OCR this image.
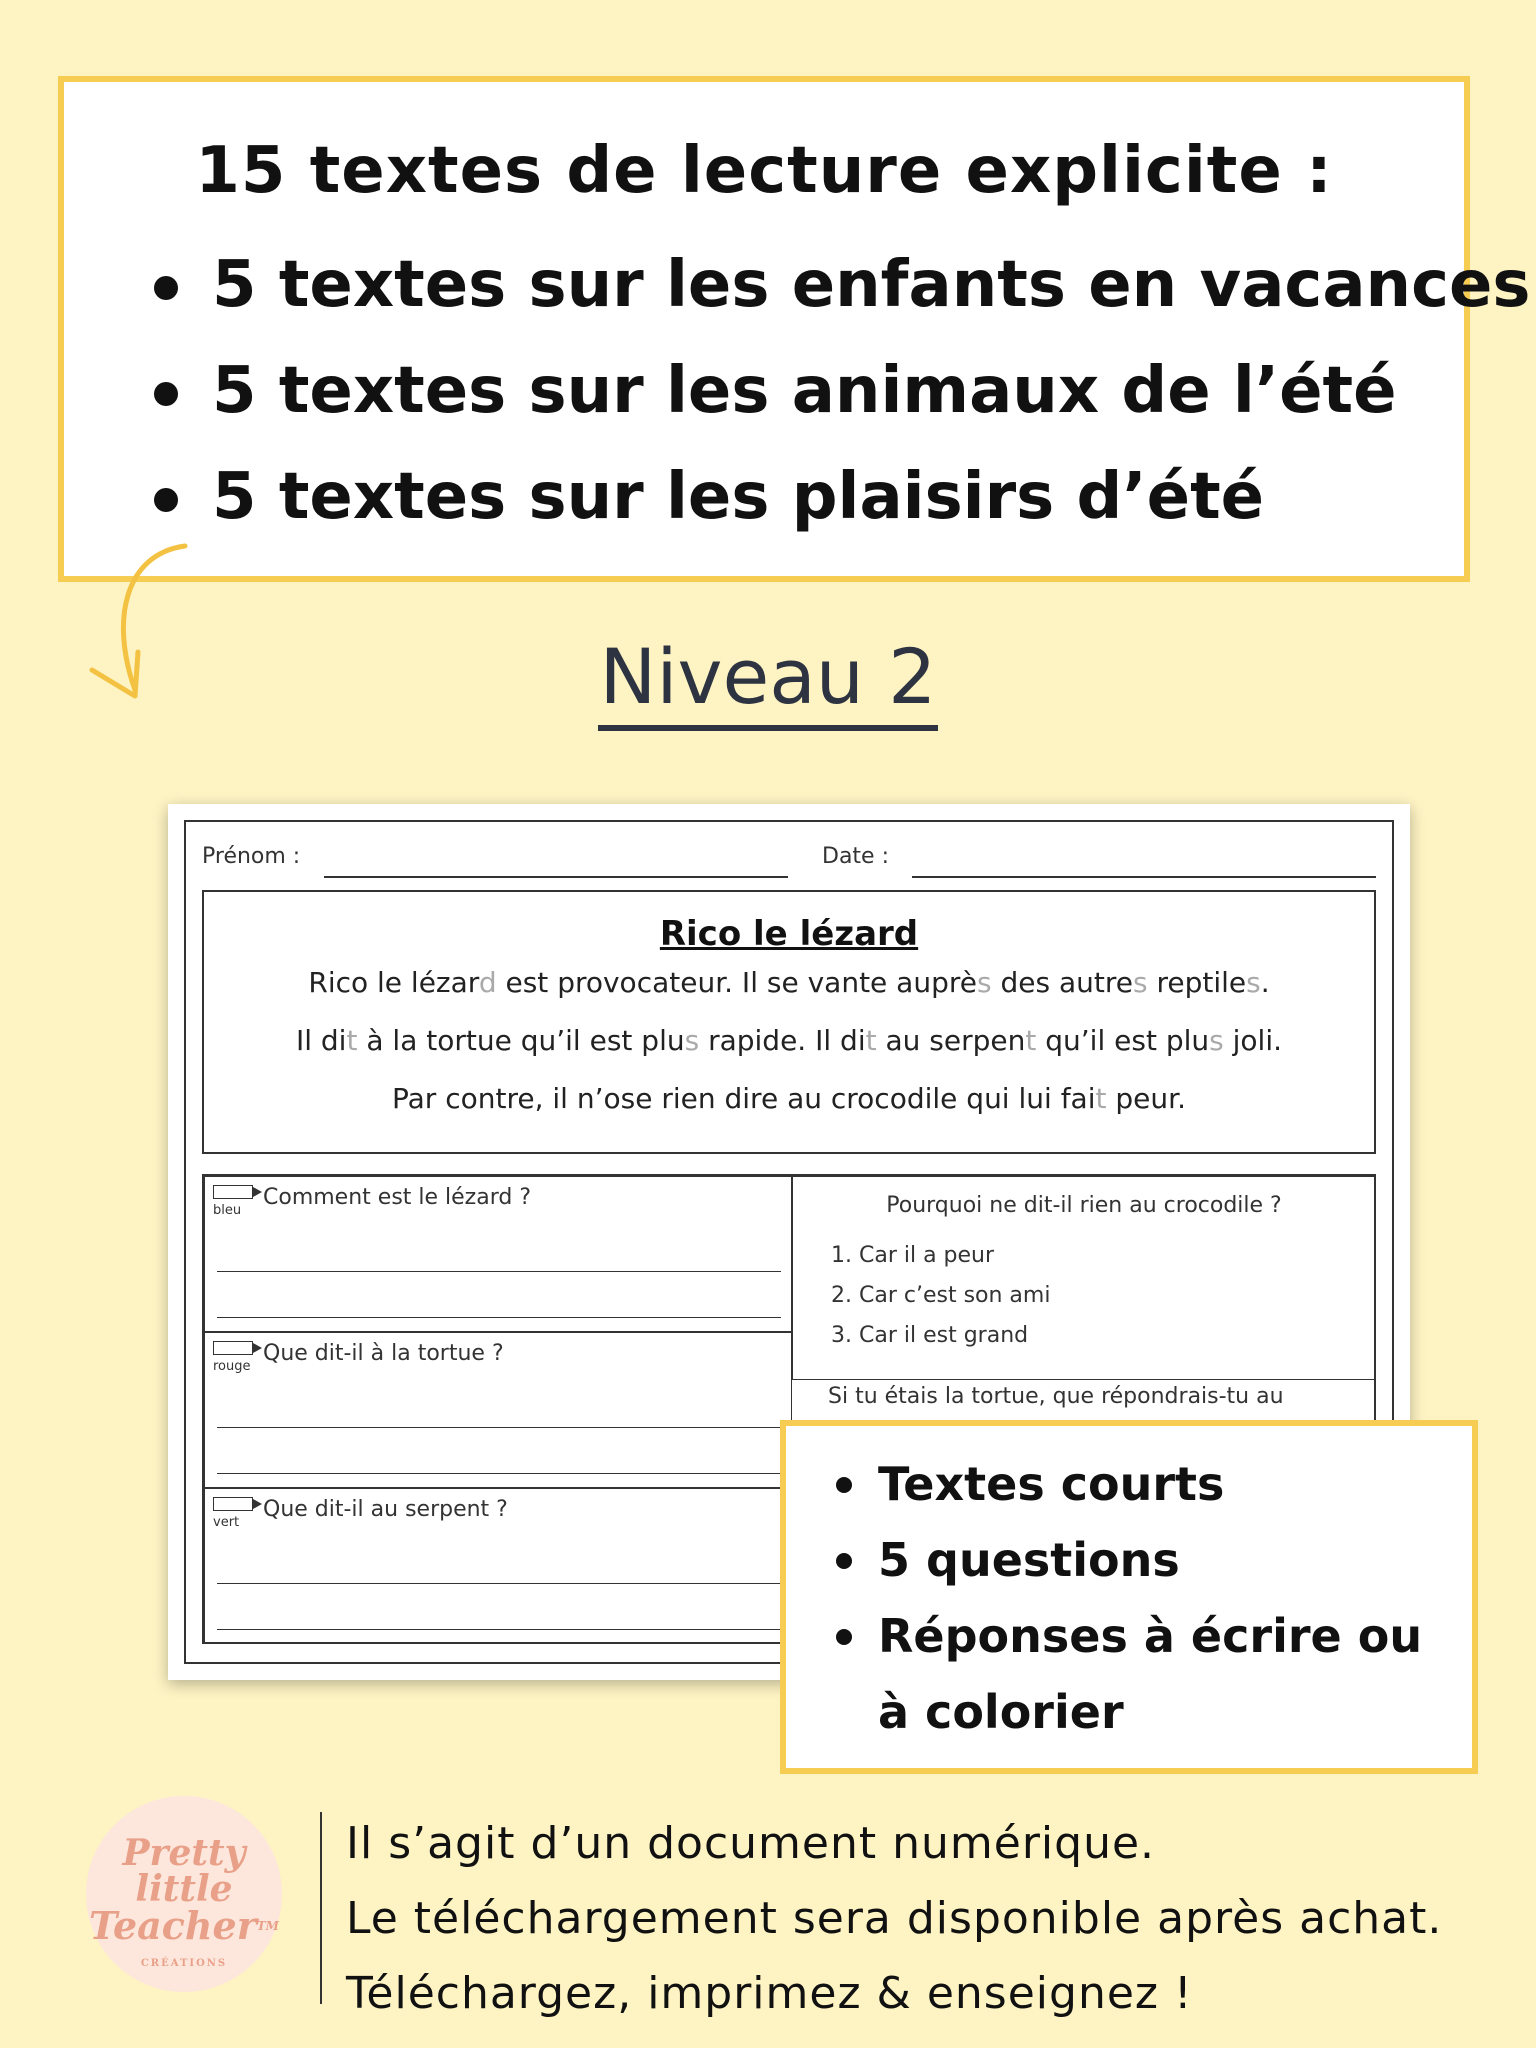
15 textes de lecture explicite :
5 textes sur les enfants en vacances
5 textes sur les animaux de l’été
5 textes sur les plaisirs d’été
Niveau 2
Prénom :	Date :
Rico le lézard
Rico le lézard est provocateur. Il se vante auprès des autres reptiles.
Il dit à la tortue qu’il est plus rapide. Il dit au serpent qu’il est plus joli.
Par contre, il n’ose rien dire au crocodile qui lui fait peur.
bleu
Comment est le lézard ?
rouge
Que dit-il à la tortue ?
vert
Que dit-il au serpent ?
Pourquoi ne dit-il rien au crocodile ?
1. Car il a peur
2. Car c’est son ami
3. Car il est grand
Si tu étais la tortue, que répondrais-tu au
Textes courts
5 questions
Réponses à écrire ou à colorier
Pretty
little
Teacher™
CRÉATIONS
Il s’agit d’un document numérique.
Le téléchargement sera disponible après achat.
Téléchargez, imprimez & enseignez !
